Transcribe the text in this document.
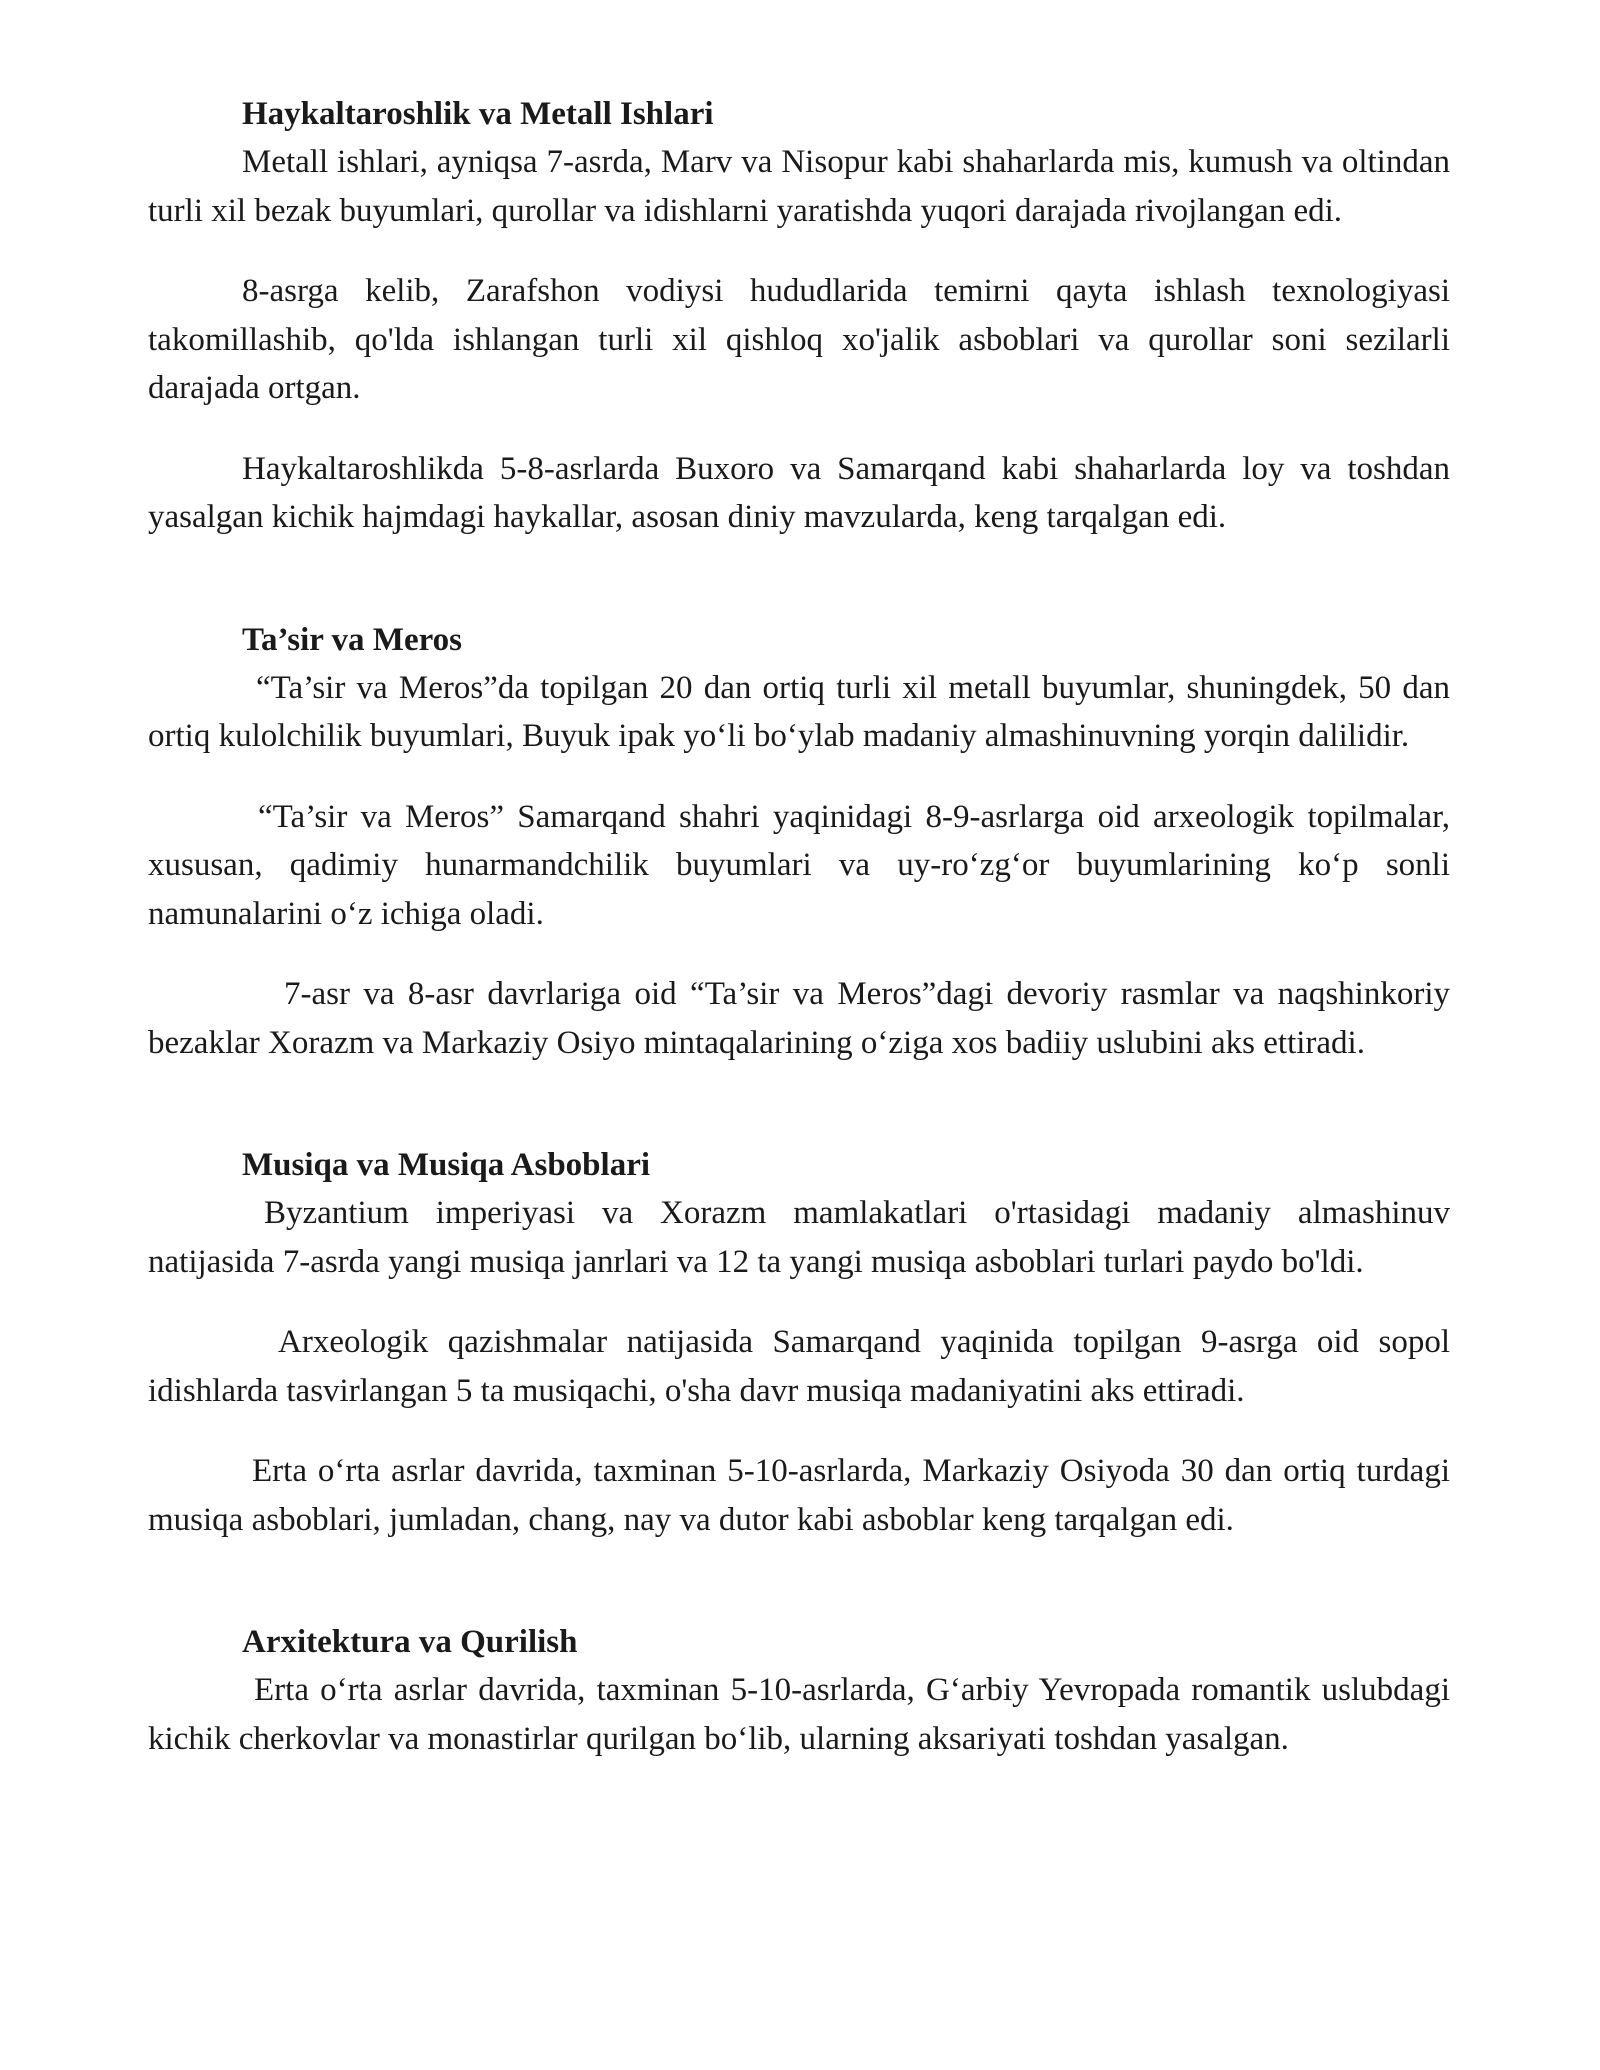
Haykaltaroshlik va Metall Ishlari

Metall ishlari, ayniqsa 7-asrda, Marv va Nisopur kabi shaharlarda mis, kumush va oltindan turli xil bezak buyumlari, qurollar va idishlarni yaratishda yuqori darajada rivojlangan edi.

8-asrga kelib, Zarafshon vodiysi hududlarida temirni qayta ishlash texnologiyasi takomillashib, qo'lda ishlangan turli xil qishloq xo'jalik asboblari va qurollar soni sezilarli darajada ortgan.

Haykaltaroshlikda 5-8-asrlarda Buxoro va Samarqand kabi shaharlarda loy va toshdan yasalgan kichik hajmdagi haykallar, asosan diniy mavzularda, keng tarqalgan edi.

Ta’sir va Meros

“Ta’sir va Meros”da topilgan 20 dan ortiq turli xil metall buyumlar, shuningdek, 50 dan ortiq kulolchilik buyumlari, Buyuk ipak yoʻli boʻylab madaniy almashinuvning yorqin dalilidir.

“Ta’sir va Meros” Samarqand shahri yaqinidagi 8-9-asrlarga oid arxeologik topilmalar, xususan, qadimiy hunarmandchilik buyumlari va uy-roʻzgʻor buyumlarining koʻp sonli namunalarini oʻz ichiga oladi.

7-asr va 8-asr davrlariga oid “Ta’sir va Meros”dagi devoriy rasmlar va naqshinkoriy bezaklar Xorazm va Markaziy Osiyo mintaqalarining oʻziga xos badiiy uslubini aks ettiradi.

Musiqa va Musiqa Asboblari

Byzantium imperiyasi va Xorazm mamlakatlari o'rtasidagi madaniy almashinuv natijasida 7-asrda yangi musiqa janrlari va 12 ta yangi musiqa asboblari turlari paydo bo'ldi.

Arxeologik qazishmalar natijasida Samarqand yaqinida topilgan 9-asrga oid sopol idishlarda tasvirlangan 5 ta musiqachi, o'sha davr musiqa madaniyatini aks ettiradi.

Erta oʻrta asrlar davrida, taxminan 5-10-asrlarda, Markaziy Osiyoda 30 dan ortiq turdagi musiqa asboblari, jumladan, chang, nay va dutor kabi asboblar keng tarqalgan edi.

Arxitektura va Qurilish

Erta oʻrta asrlar davrida, taxminan 5-10-asrlarda, Gʻarbiy Yevropada romantik uslubdagi kichik cherkovlar va monastirlar qurilgan boʻlib, ularning aksariyati toshdan yasalgan.
